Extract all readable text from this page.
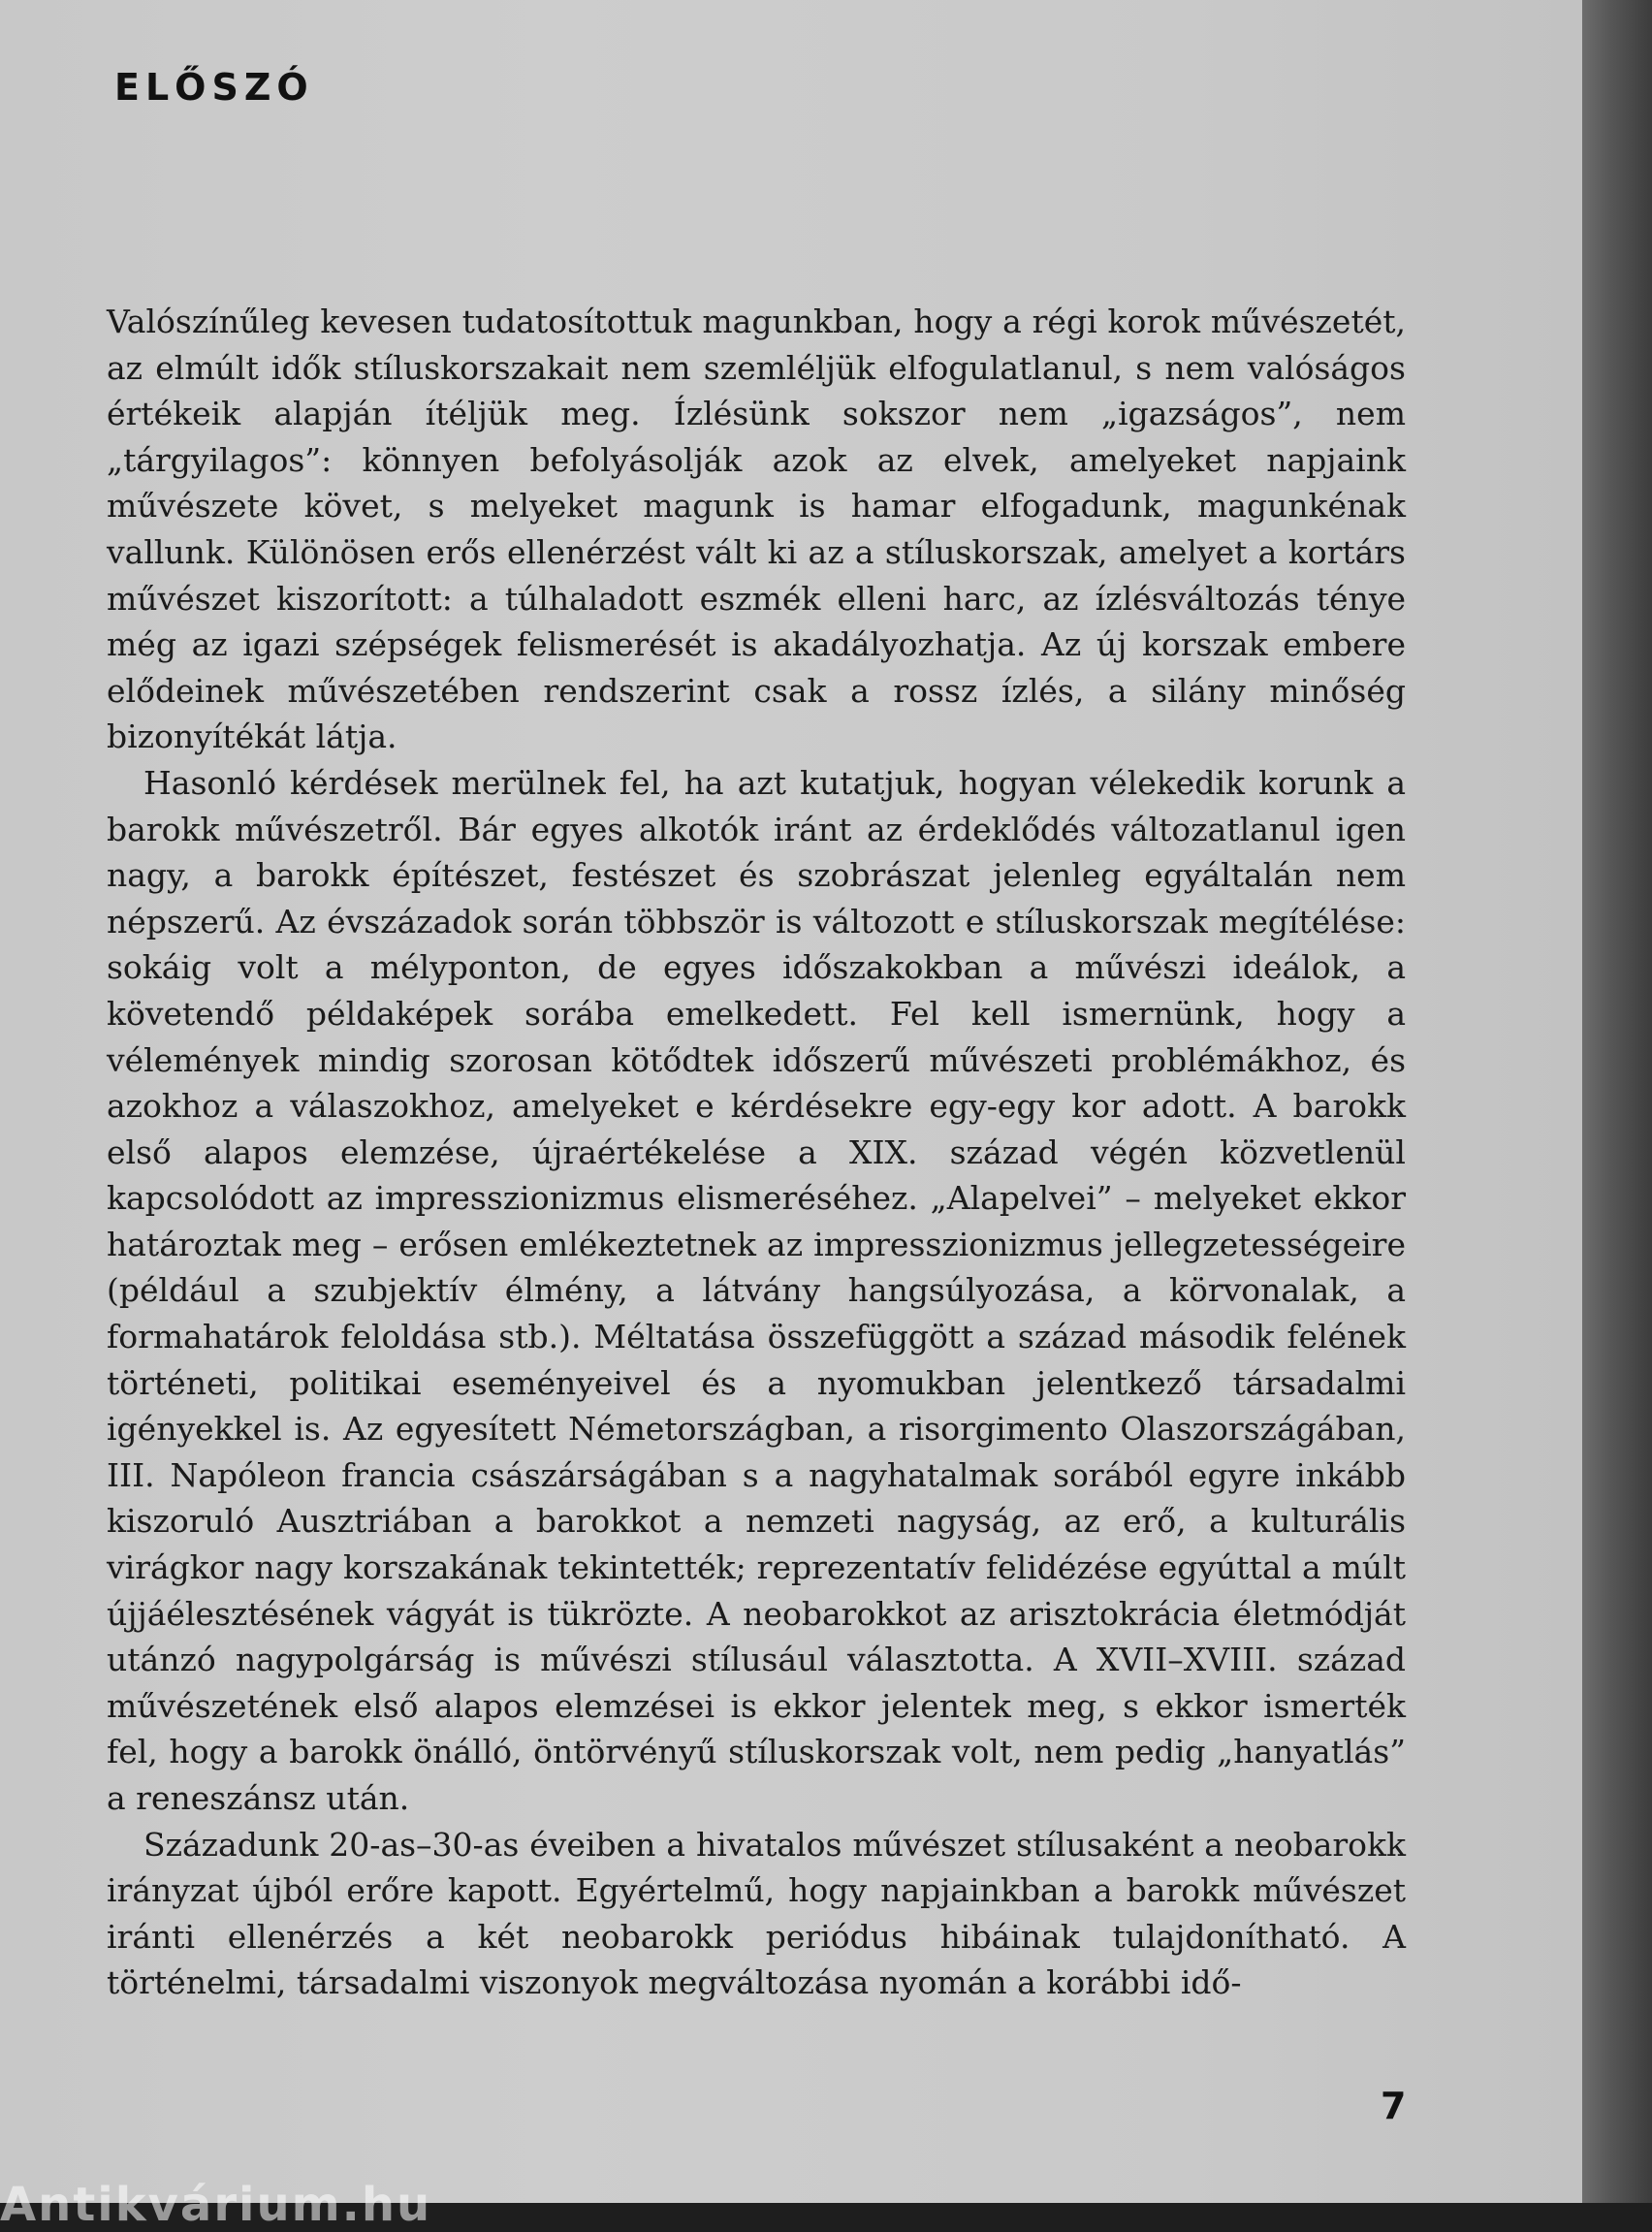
ELŐSZÓ

Valószínűleg kevesen tudatosítottuk magunkban, hogy a régi korok művészetét, az elmúlt idők stíluskorszakait nem szemléljük elfogulatlanul, s nem valóságos értékeik alapján ítéljük meg. Ízlésünk sokszor nem „igazságos”, nem „tárgyilagos”: könnyen befolyásolják azok az elvek, amelyeket napjaink művészete követ, s melyeket magunk is hamar elfogadunk, magunkénak vallunk. Különösen erős ellenérzést vált ki az a stíluskorszak, amelyet a kortárs művészet kiszorított: a túlhaladott eszmék elleni harc, az ízlésváltozás ténye még az igazi szépségek felismerését is akadályozhatja. Az új korszak embere elődeinek művészetében rendszerint csak a rossz ízlés, a silány minőség bizonyítékát látja.

Hasonló kérdések merülnek fel, ha azt kutatjuk, hogyan vélekedik korunk a barokk művészetről. Bár egyes alkotók iránt az érdeklődés változatlanul igen nagy, a barokk építészet, festészet és szobrászat jelenleg egyáltalán nem népszerű. Az évszázadok során többször is változott e stíluskorszak megítélése: sokáig volt a mélyponton, de egyes időszakokban a művészi ideálok, a követendő példaképek sorába emelkedett. Fel kell ismernünk, hogy a vélemények mindig szorosan kötődtek időszerű művészeti problémákhoz, és azokhoz a válaszokhoz, amelyeket e kérdésekre egy-egy kor adott. A barokk első alapos elemzése, újraértékelése a XIX. század végén közvetlenül kapcsolódott az impresszionizmus elismeréséhez. „Alapelvei” – melyeket ekkor határoztak meg – erősen emlékeztetnek az impresszionizmus jellegzetességeire (például a szubjektív élmény, a látvány hangsúlyozása, a körvonalak, a formahatárok feloldása stb.). Méltatása összefüggött a század második felének történeti, politikai eseményeivel és a nyomukban jelentkező társadalmi igényekkel is. Az egyesített Németországban, a risorgimento Olaszországában, III. Napóleon francia császárságában s a nagyhatalmak sorából egyre inkább kiszoruló Ausztriában a barokkot a nemzeti nagyság, az erő, a kulturális virágkor nagy korszakának tekintették; reprezentatív felidézése egyúttal a múlt újjáélesztésének vágyát is tükrözte. A neobarokkot az arisztokrácia életmódját utánzó nagypolgárság is művészi stílusául választotta. A XVII–XVIII. század művészetének első alapos elemzései is ekkor jelentek meg, s ekkor ismerték fel, hogy a barokk önálló, öntörvényű stíluskorszak volt, nem pedig „hanyatlás” a reneszánsz után.

Századunk 20-as–30-as éveiben a hivatalos művészet stílusaként a neobarokk irányzat újból erőre kapott. Egyértelmű, hogy napjainkban a barokk művészet iránti ellenérzés a két neobarokk periódus hibáinak tulajdonítható. A történelmi, társadalmi viszonyok megváltozása nyomán a korábbi idő-

7

Antikvárium.hu
